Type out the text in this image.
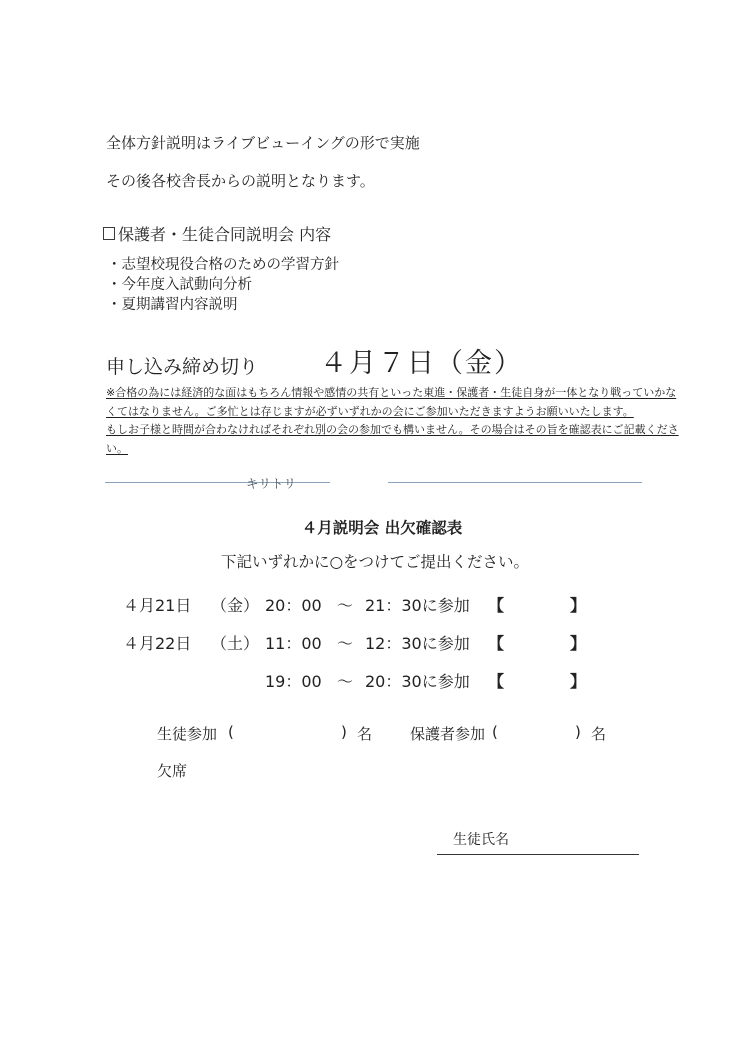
全体方針説明はライブビューイングの形で実施
その後各校舎長からの説明となります。
保護者・生徒合同説明会 内容
・志望校現役合格のための学習方針
・今年度入試動向分析
・夏期講習内容説明
申し込み締め切り ４月７日（金）
※合格の為には経済的な面はもちろん情報や感情の共有といった東進・保護者・生徒自身が一体となり戦っていかな
くてはなりません。ご多忙とは存じますが必ずいずれかの会にご参加いただきますようお願いいたします。
もしお子様と時間が合わなければそれぞれ別の会の参加でも構いません。その場合はその旨を確認表にご記載くださ
い。
キリトリ
４月説明会 出欠確認表
下記いずれかに○をつけてご提出ください。
４月21日	（金） 20：00 ～ 21：30に参加	【	】
４月22日	（土） 11：00 ～ 12：30に参加	【	】
19：00 ～ 20：30に参加	【	】
生徒参加 (	) 名	保護者参加 (	) 名
欠席
生徒氏名
